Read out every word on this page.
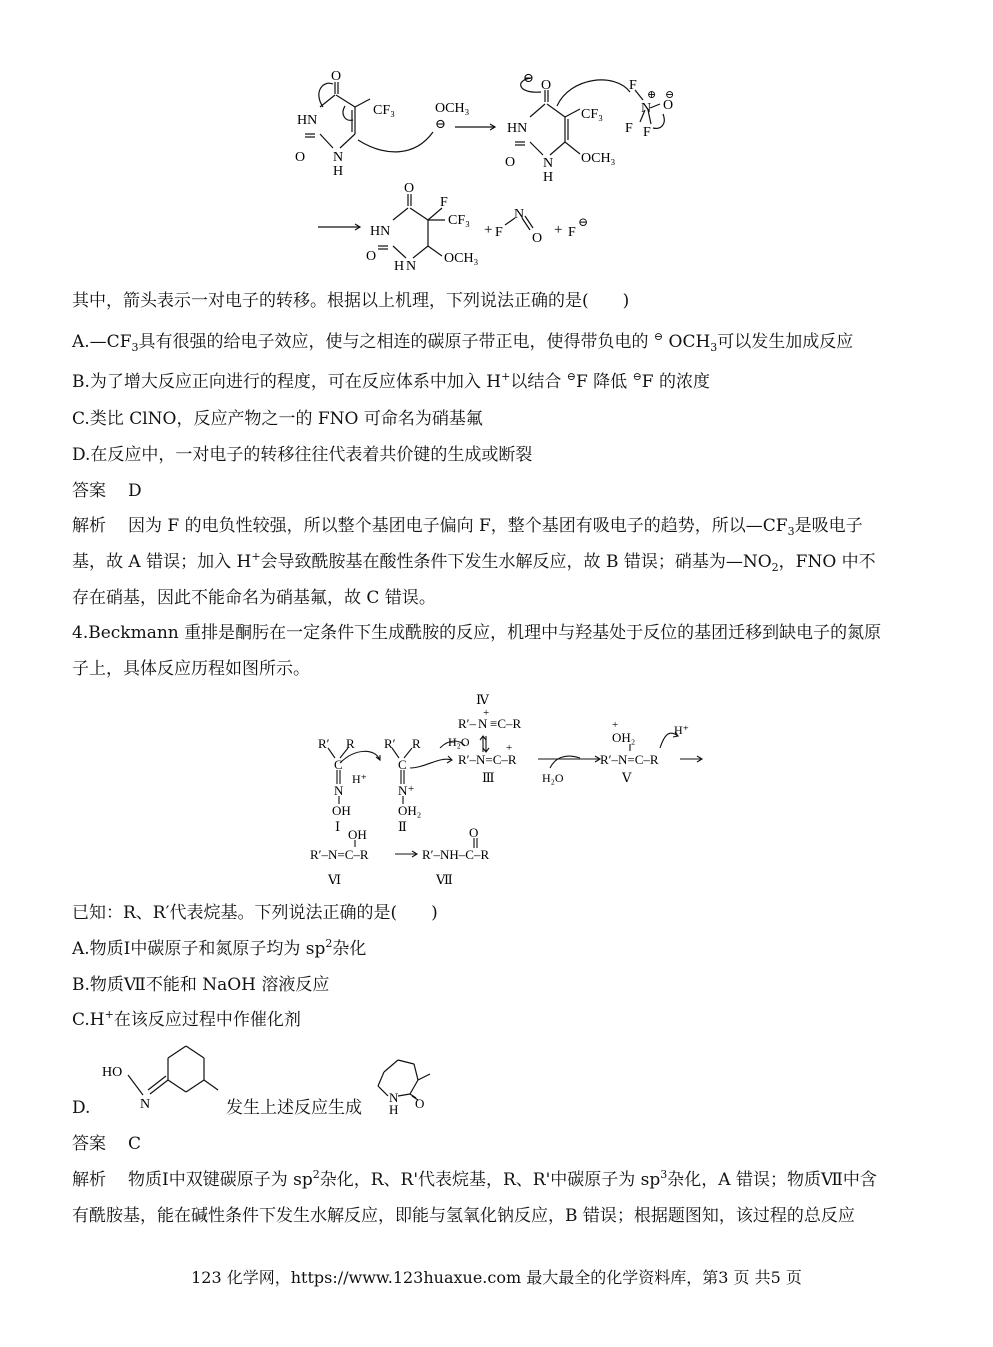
O
HN
O N
H
CF₃
⊖
OCH₃
⊖
O
HN
O N
H
CF₃
OCH₃
F
⊕
N
⊖
O
F F
O
HN
O
N
H
F
CF₃
OCH₃
+ F
N
O
+ F
⊖
其中，箭头表示一对电子的转移。根据以上机理，下列说法正确的是(　　)
$A.—CF_3$具有很强的给电子效应，使与之相连的碳原子带正电，使得带负电的 ⊖ $OCH_3$可以发生加成反应
B.为了增大反应正向进行的程度，可在反应体系中加入 H+以结合 ⊖F 降低 ⊖F 的浓度
C.类比 ClNO，反应产物之一的 FNO 可命名为硝基氟
D.在反应中，一对电子的转移往往代表着共价键的生成或断裂
答案 D
解析 因为 F 的电负性较强，所以整个基团电子偏向 F，整个基团有吸电子的趋势，所以$—CF_3$是吸电子
基，故 A 错误；加入 H+会导致酰胺基在酸性条件下发生水解反应，故 B 错误；硝基为$—NO_2$，FNO 中不
存在硝基，因此不能命名为硝基氟，故 C 错误。
4.Beckmann 重排是酮肟在一定条件下生成酰胺的反应，机理中与羟基处于反位的基团迁移到缺电子的氮原
子上，具体反应历程如图所示。
R′ R
C
N
OH
Ⅰ
H⁺
R′ R
C
N +
OH₂
Ⅱ
H₂O
Ⅳ
+
R′– N ≡C–R
+
R′–N=C–R
Ⅲ	H₂O
+
OH₂
R′–N=C–R
Ⅴ
H⁺
OH
R′–N=C–R
Ⅵ
O
R′–NH–C–R
Ⅶ
已知：R、R′代表烷基。下列说法正确的是(　　)
A.物质Ⅰ中碳原子和氮原子均为 $sp^2$杂化
B.物质Ⅶ不能和 NaOH 溶液反应
C.H+在该反应过程中作催化剂
D.
HO
N	发生上述反应生成
N
H O
答案 C
解析 物质Ⅰ中双键碳原子为 $sp^2$杂化，R、R'代表烷基，R、R'中碳原子为 $sp^3$杂化，A 错误；物质Ⅶ中含
有酰胺基，能在碱性条件下发生水解反应，即能与氢氧化钠反应，B 错误；根据题图知，该过程的总反应
123 化学网，https://www.123huaxue.com 最大最全的化学资料库，第3 页 共5 页
